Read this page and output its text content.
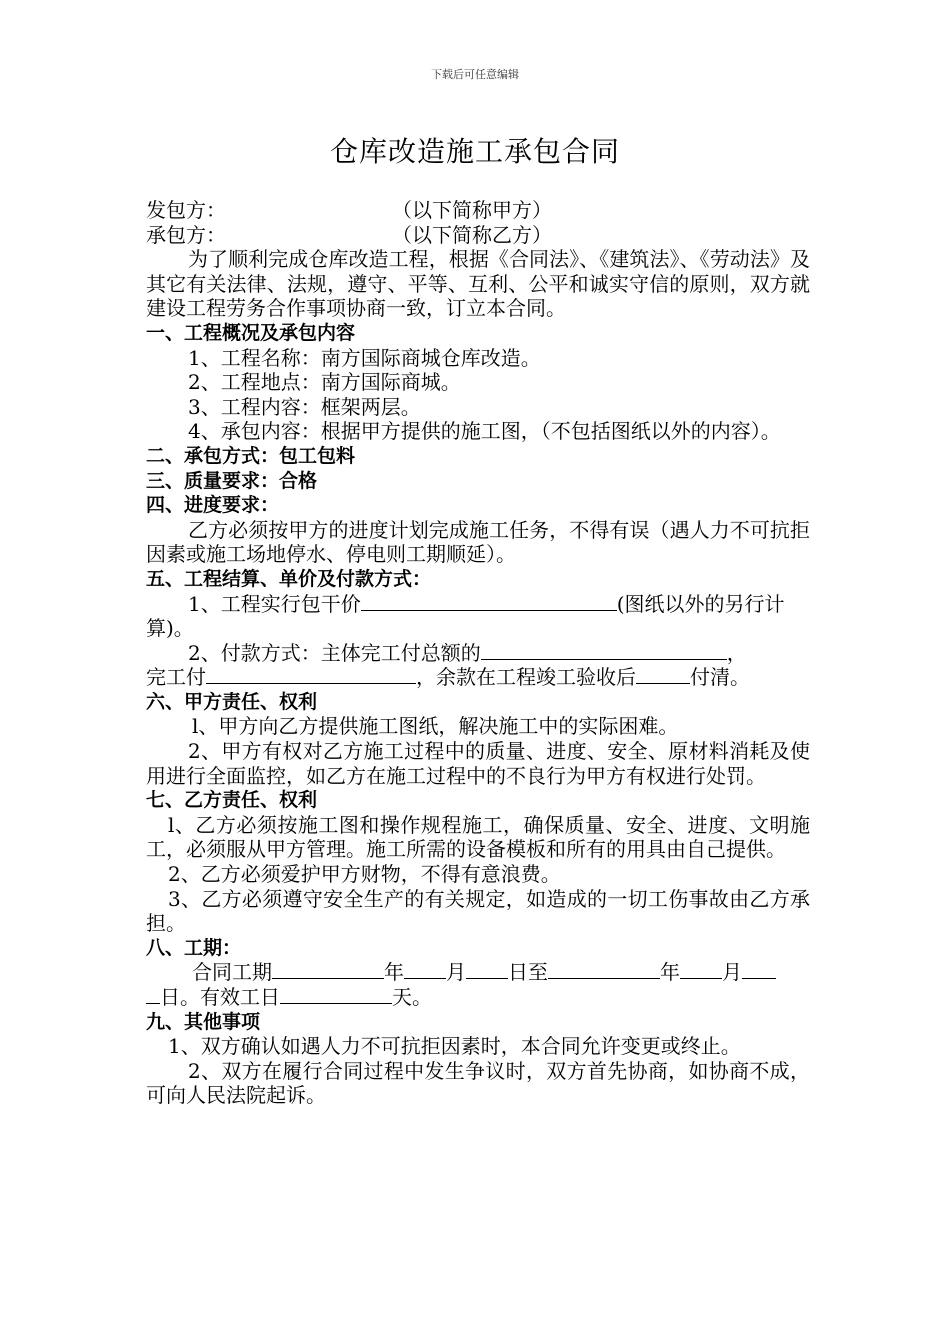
下载后可任意编辑
仓库改造施工承包合同
发包方：	（以下简称甲方）
承包方：	（以下简称乙方）
为了顺利完成仓库改造工程，根据《合同法》、《建筑法》、《劳动法》及其它有关法律、法规，遵守、平等、互利、公平和诚实守信的原则，双方就建设工程劳务合作事项协商一致，订立本合同。
一、工程概况及承包内容
1、工程名称：南方国际商城仓库改造。
2、工程地点：南方国际商城。
3、工程内容：框架两层。
4、承包内容：根据甲方提供的施工图，（不包括图纸以外的内容）。
二、承包方式：包工包料
三、质量要求：合格
四、进度要求：
乙方必须按甲方的进度计划完成施工任务，不得有误（遇人力不可抗拒因素或施工场地停水、停电则工期顺延）。
五、工程结算、单价及付款方式：
1、工程实行包干价	(图纸以外的另行计算)。
2、付款方式：主体完工付总额的	，
完工付	，余款在工程竣工验收后	付清。
六、甲方责任、权利
l、甲方向乙方提供施工图纸，解决施工中的实际困难。
2、甲方有权对乙方施工过程中的质量、进度、安全、原材料消耗及使用进行全面监控，如乙方在施工过程中的不良行为甲方有权进行处罚。
七、乙方责任、权利
l、乙方必须按施工图和操作规程施工，确保质量、安全、进度、文明施工，必须服从甲方管理。施工所需的设备模板和所有的用具由自己提供。
2、乙方必须爱护甲方财物，不得有意浪费。
3、乙方必须遵守安全生产的有关规定，如造成的一切工伤事故由乙方承担。
八、工期：
合同工期	年 月 日至	年 月
日。有效工日	天。
九、其他事项
1、双方确认如遇人力不可抗拒因素时，本合同允许变更或终止。
2、双方在履行合同过程中发生争议时，双方首先协商，如协商不成，可向人民法院起诉。
